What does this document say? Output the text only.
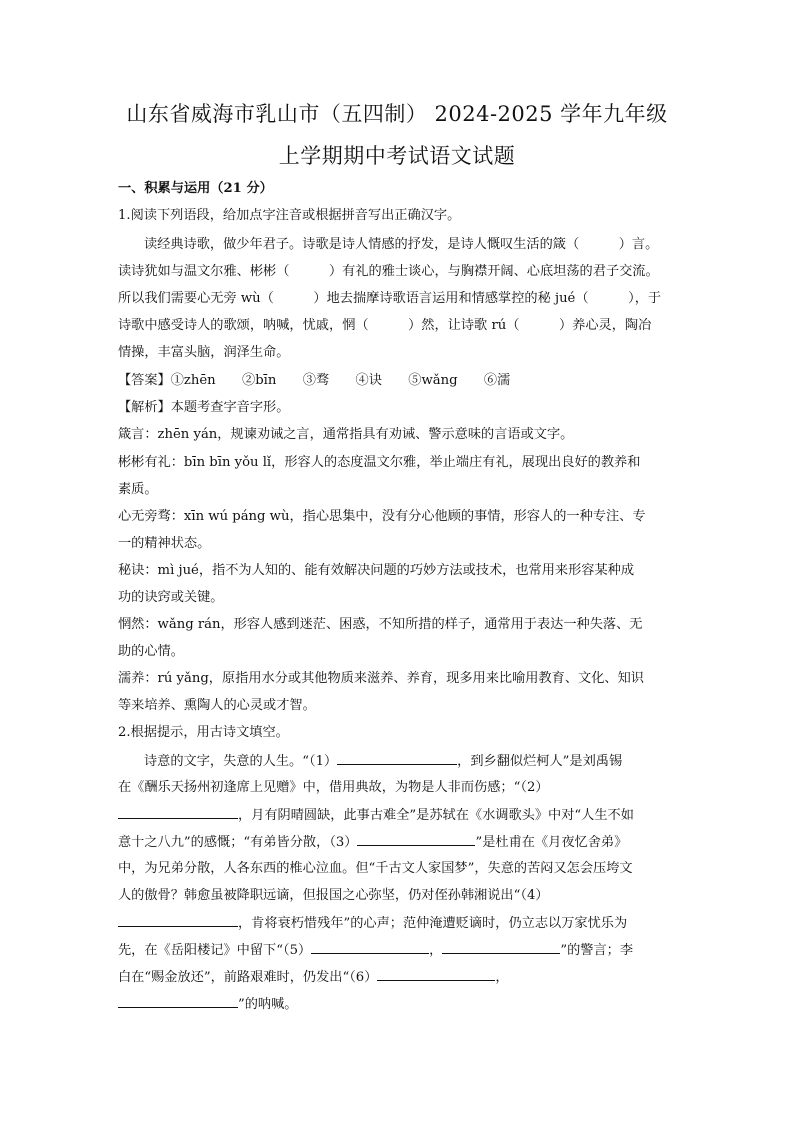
山东省威海市乳山市（五四制） 2024-2025 学年九年级
上学期期中考试语文试题
一、积累与运用（21 分）
1.阅读下列语段，给加点字注音或根据拼音写出正确汉字。
读经典诗歌，做少年君子。诗歌是诗人情感的抒发，是诗人慨叹生活的箴（　　　）言。
读诗犹如与温文尔雅、彬彬（　　　）有礼的雅士谈心，与胸襟开阔、心底坦荡的君子交流。
所以我们需要心无旁 wù（　　　）地去揣摩诗歌语言运用和情感掌控的秘 jué（　　　），于
诗歌中感受诗人的歌颂，呐喊，忧戚，惘（　　　）然，让诗歌 rú（　　　）养心灵，陶冶
情操，丰富头脑，润泽生命。
【答案】①zhēn　　②bīn　　③骛　　④诀　　⑤wǎng　　⑥濡
【解析】本题考查字音字形。
箴言：zhēn yán，规谏劝诫之言，通常指具有劝诫、警示意味的言语或文字。
彬彬有礼：bīn bīn yǒu lǐ，形容人的态度温文尔雅，举止端庄有礼，展现出良好的教养和
素质。
心无旁骛：xīn wú páng wù，指心思集中，没有分心他顾的事情，形容人的一种专注、专
一的精神状态。
秘诀：mì jué，指不为人知的、能有效解决问题的巧妙方法或技术，也常用来形容某种成
功的诀窍或关键。
惘然：wǎng rán，形容人感到迷茫、困惑，不知所措的样子，通常用于表达一种失落、无
助的心情。
濡养：rú yǎng，原指用水分或其他物质来滋养、养育，现多用来比喻用教育、文化、知识
等来培养、熏陶人的心灵或才智。
2.根据提示，用古诗文填空。
诗意的文字，失意的人生。“（1）	，到乡翻似烂柯人”是刘禹锡
在《酬乐天扬州初逢席上见赠》中，借用典故，为物是人非而伤感；“（2）
，月有阴晴圆缺，此事古难全”是苏轼在《水调歌头》中对“人生不如
意十之八九”的感慨；“有弟皆分散，（3）	”是杜甫在《月夜忆舍弟》
中，为兄弟分散，人各东西的椎心泣血。但“千古文人家国梦”，失意的苦闷又怎会压垮文
人的傲骨？韩愈虽被降职远谪，但报国之心弥坚，仍对侄孙韩湘说出“（4）
，肯将衰朽惜残年”的心声；范仲淹遭贬谪时，仍立志以万家忧乐为
先，在《岳阳楼记》中留下“（5）	，	”的警言；李
白在“赐金放还”，前路艰难时，仍发出“（6）	，
”的呐喊。
